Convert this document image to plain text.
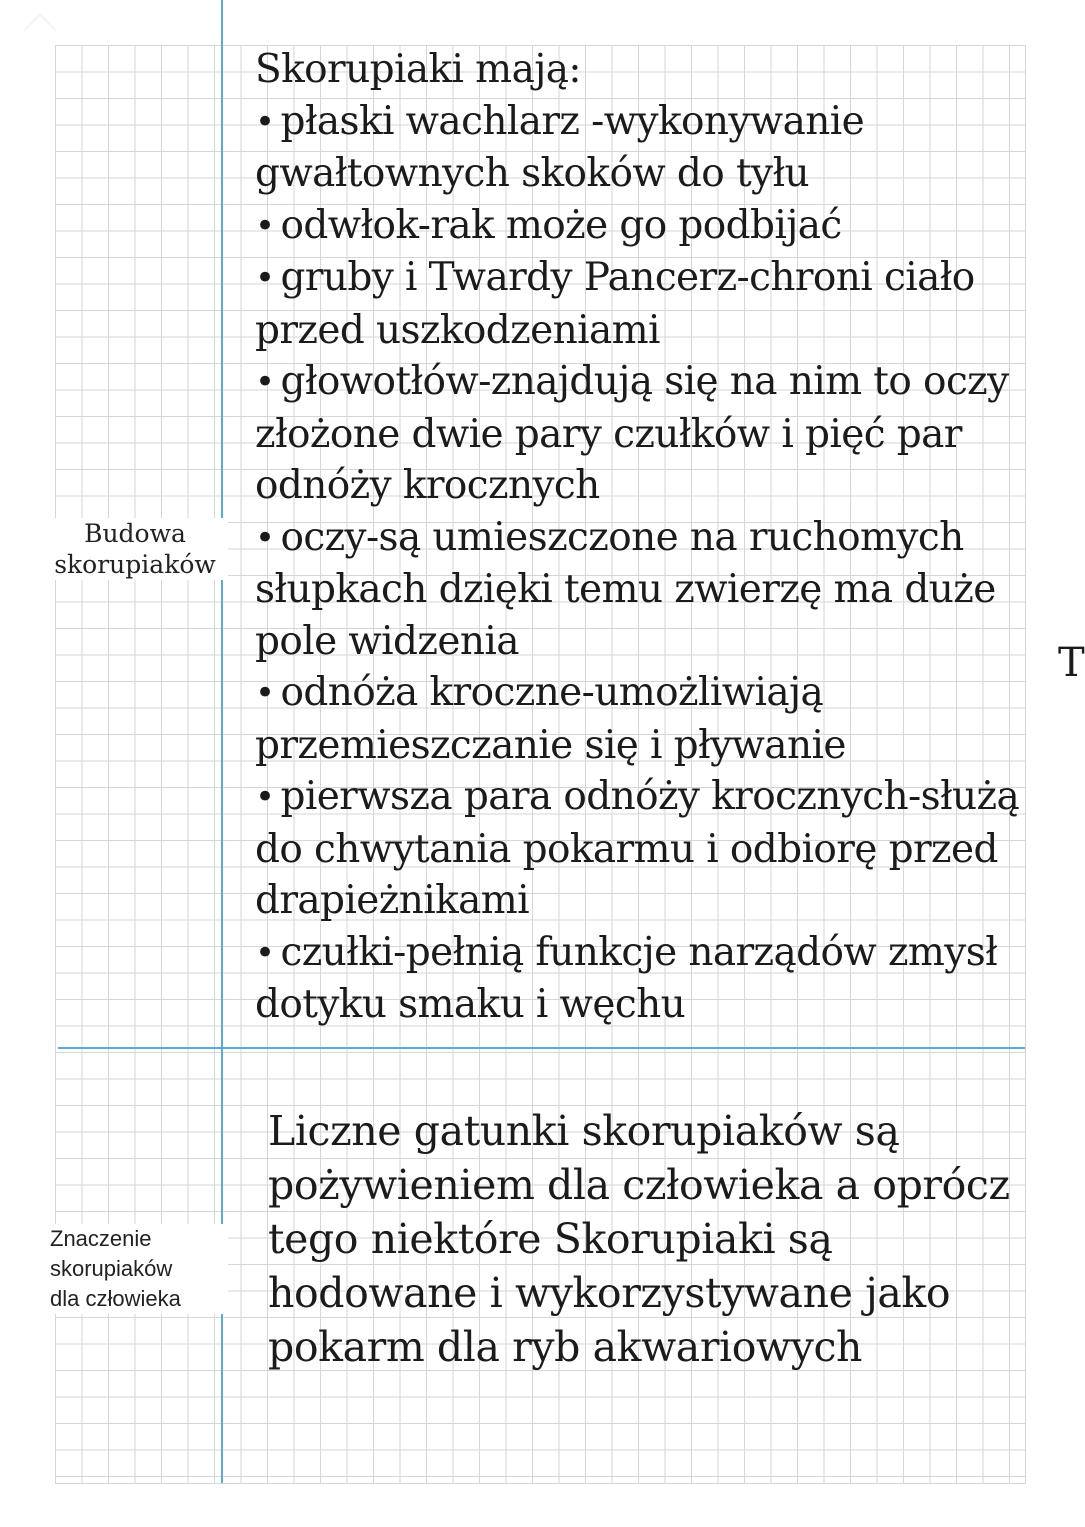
Budowa
skorupiaków
Skorupiaki mają:
• płaski wachlarz -wykonywanie gwałtownych skoków do tyłu
• odwłok-rak może go podbijać
• gruby i Twardy Pancerz-chroni ciało przed uszkodzeniami
• głowotłów-znajdują się na nim to oczy złożone dwie pary czułków i pięć par odnóży krocznych
• oczy-są umieszczone na ruchomych słupkach dzięki temu zwierzę ma duże pole widzenia
• odnóża kroczne-umożliwiają przemieszczanie się i pływanie
• pierwsza para odnóży krocznych-służą do chwytania pokarmu i odbiorę przed drapieżnikami
• czułki-pełnią funkcje narządów zmysł dotyku smaku i węchu
Znaczenie
skorupiaków
dla człowieka
Liczne gatunki skorupiaków są pożywieniem dla człowieka a oprócz tego niektóre Skorupiaki są hodowane i wykorzystywane jako pokarm dla ryb akwariowych
T
